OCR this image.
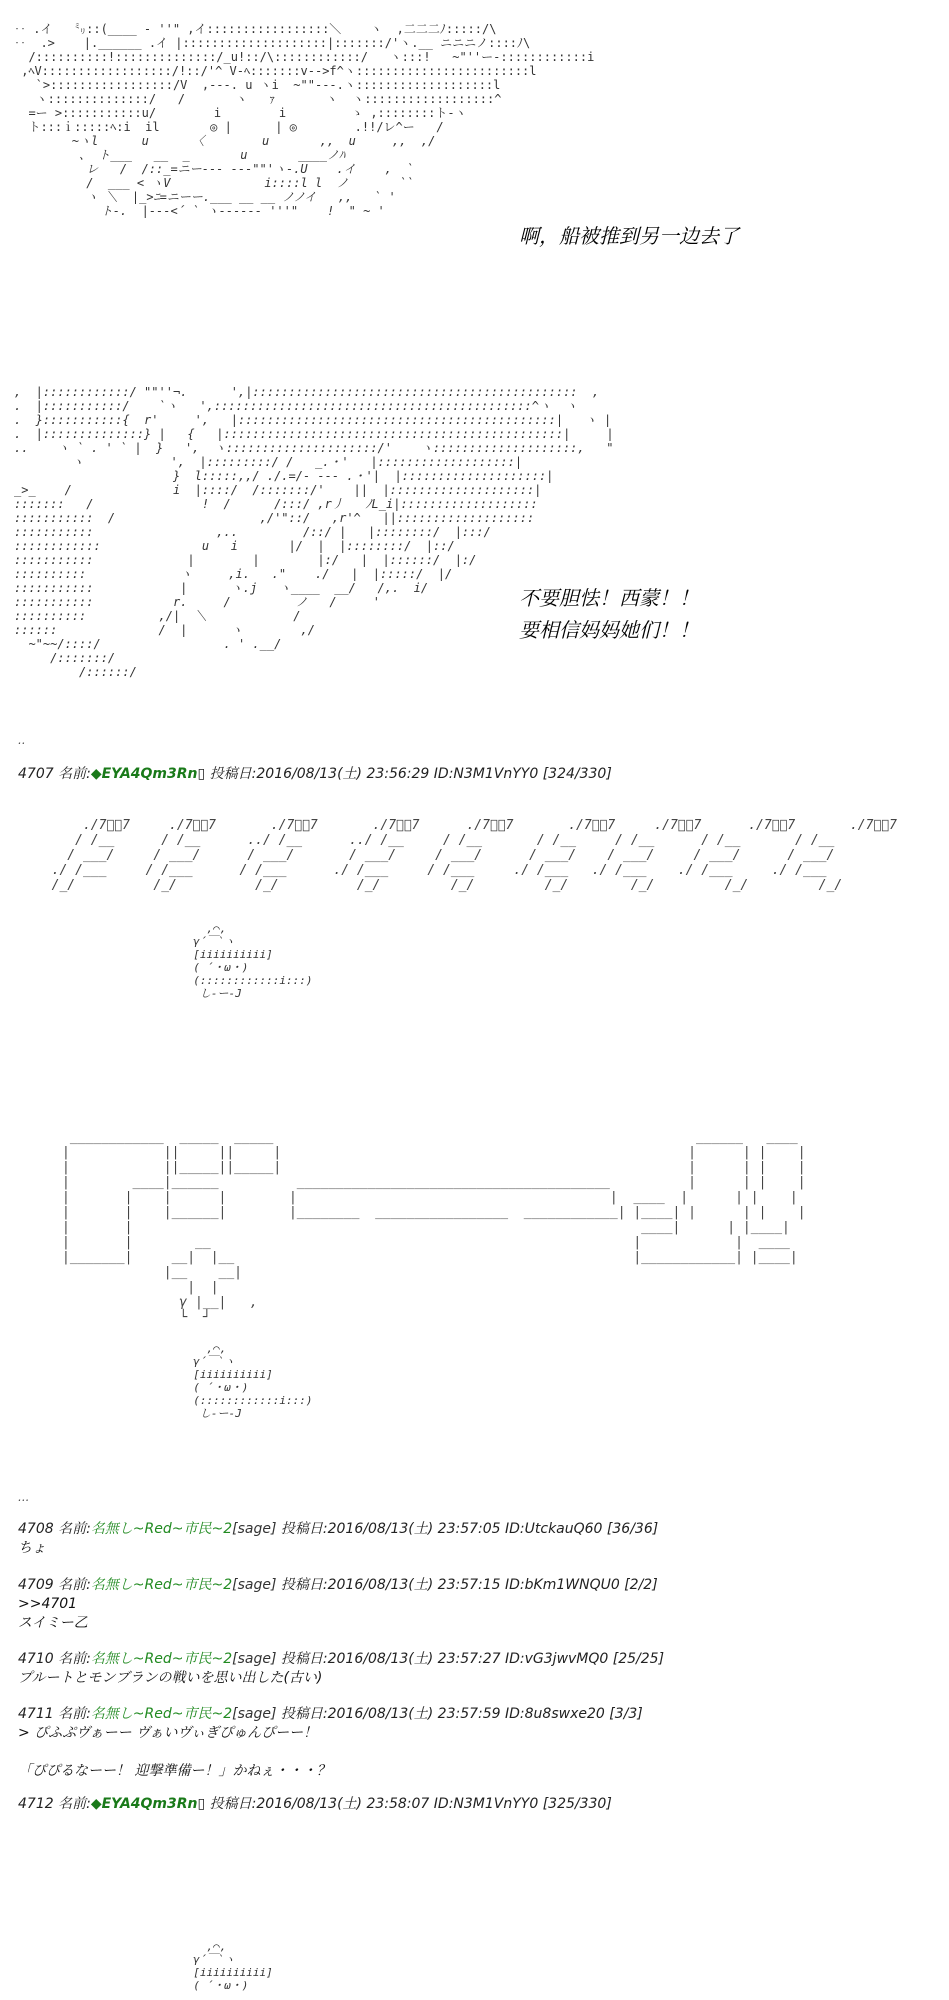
‥ .イ   ㍉::(____ - ''" ,イ:::::::::::::::::＼    ヽ  ,二二二ﾉ:::::/\
‥  .>    |.______ .イ |::::::::::::::::::::|:::::::/'ヽ.__ ニニニノ::::ﾉ\
/::::::::::!::::::::::::::/_u!::/\::::::::::::/   ヽ:::!   ~"''ー-::::::::::::i
,ﾍV::::::::::::::::::/!::/'^ V-ﾍ:::::::v-->f^ヽ::::::::::::::::::::::::l
`>:::::::::::::::::/V  ,---. u ヽi  ~""---.ヽ:::::::::::::::::::l
ヽ::::::::::::::/   /       ヽ   ｧ       ヽ  ヽ::::::::::::::::::^
=ー >:::::::::::u/        i        i         ゝ ,::::::::ト-ヽ
ト:::ｉ:::::ﾍ:i  il       ◎ |      | ◎        .!!/レ^ー   /
~ヽl      u      〈        u       ,,  u     ,,  ,/
、 ト___   __  _       u       ____ノﾊ
レ   /  /::_=ニー--- ---""'ヽ-.U    .イ    ,  `
/  ___ < ヽV             i::::l l  ノ       ``
ヽ ＼  |_>ﾆ=ニーー.___ __ __ ノノイ   ,,   ` '
ト-.  |---<´ ` ヽ------ '''"    !  " ~ '
啊，船被推到另一边去了
,  |::::::::::::/ ""''¬.      ',|:::::::::::::::::::::::::::::::::::::::::::::  ,
.  |:::::::::::/    `ヽ   ',::::::::::::::::::::::::::::::::::::::::::::^ヽ  ヽ
.  }:::::::::::{  r'     ',   |::::::::::::::::::::::::::::::::::::::::::::|   ヽ |
.  |::::::::::::::} |   {   |:::::::::::::::::::::::::::::::::::::::::::::::|     |
..    ヽ ` . ' ` |  }   ',  ヽ:::::::::::::::::::::/'    ヽ::::::::::::::::::::,   "
ヽ            ',  |:::::::::/ /   _.・'   |:::::::::::::::::::|
}  l:::::,,/ ./.=/- --- .・'|  |::::::::::::::::::::|
_>_    /              i  |::::/  /:::::::/'    ||  |::::::::::::::::::::|
:::::::   /               !  /      /:::/ ,r丿   ﾉL_i|:::::::::::::::::::
:::::::::::  /                    ,/'"::/   ,r'^   ||:::::::::::::::::::
:::::::::::                 ,..         /::/ |   |::::::::/  |:::/
::::::::::::              u   i       |/  |  |::::::::/  |::/
:::::::::::             |        |        |:/   |  |::::::/  |:/
::::::::::             ヽ     ,i.   ."    ./   |  |:::::/  |/
:::::::::::            |      ヽ.j   ヽ____  __/   /,.  i/
:::::::::::           r.     /         ノ   /     '
::::::::::          ,/|  ＼            /
::::::              /  |      ヽ        ,/
~"~~/::::/                 . ' .__/
/:::::::/
/::::::/
不要胆怯！西蒙！！
要相信妈妈她们！！
..
4707 名前:◆EYA4Qm3Rn▯ 投稿日:2016/08/13(土) 23:56:29 ID:N3M1VnYY0 [324/330]
./7ﾞﾞ7     ./7ﾞﾞ7       ./7ﾞﾞ7       ./7ﾞﾞ7      ./7ﾞﾞ7       ./7ﾞﾞ7     ./7ﾞﾞ7      ./7ﾞﾞ7       ./7ﾞﾞ7
/ /__      / /__      ../ /__      ../ /__     / /__       / /__     / /__      / /__       / /__
/ ___/     / ___/      / ___/       / ___/     / ___/      / ___/    / ___/     / ___/      / ___/
./ /___     / /___      / /___      ./ /___     / /___     ./ /___   ./ /___    ./ /___     ./ /___
/_/          /_/          /_/          /_/         /_/         /_/        /_/         /_/         /_/
,⌒,
γ´￣`ヽ
[iiiiiiiiii]
( ´・ω・)
(::::::::::::i:::)
し-ー-J
____________  _____  _____                                                      ______   ____
|            ||     ||     |                                                    |      | |    |
|            ||_____||_____|                                                    |      | |    |
|        ____|______          ________________________________________          |      | |    |
|       |    |      |        |                                        |  ____  |      | |    |
|       |    |______|        |________  _________________  ____________| |____| |      | |    |
|       |                                                                 ____|      | |____|
|       |        __                                                      |            |  ____
|_______|     __|  |__                                                   |____________| |____|
|__    __|
|  |
γ |__|   ,
└  ┘
,⌒,
γ´￣`ヽ
[iiiiiiiiii]
( ´・ω・)
(::::::::::::i:::)
し-ー-J
...
4708 名前:名無し~Red~市民~2[sage] 投稿日:2016/08/13(土) 23:57:05 ID:UtckauQ60 [36/36]
ちょ
4709 名前:名無し~Red~市民~2[sage] 投稿日:2016/08/13(土) 23:57:15 ID:bKm1WNQU0 [2/2]
>>4701
スイミー乙
4710 名前:名無し~Red~市民~2[sage] 投稿日:2016/08/13(土) 23:57:27 ID:vG3jwvMQ0 [25/25]
プルートとモンブランの戦いを思い出した(古い)
4711 名前:名無し~Red~市民~2[sage] 投稿日:2016/08/13(土) 23:57:59 ID:8u8swxe20 [3/3]
> ぴふぷヴぁーー ヴぁいヴぃぎぴゅんぴーー！

「ぴぴるなーー！ 迎撃準備ー！」かねぇ・・・？
4712 名前:◆EYA4Qm3Rn▯ 投稿日:2016/08/13(土) 23:58:07 ID:N3M1VnYY0 [325/330]
,⌒,
γ´￣`ヽ
[iiiiiiiiii]
( ´・ω・)
